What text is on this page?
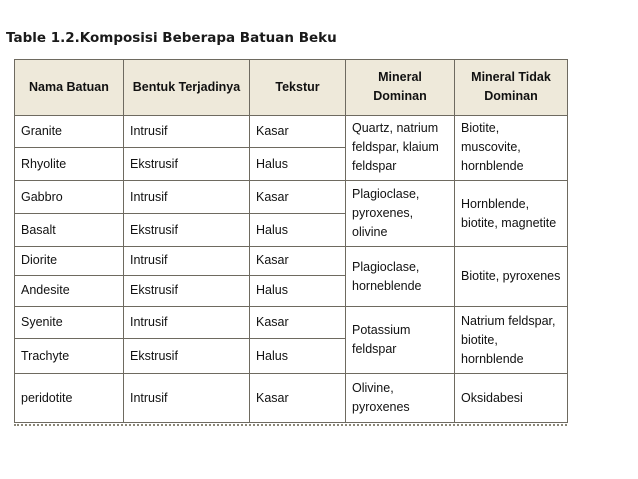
Table 1.2.Komposisi Beberapa Batuan Beku
Nama Batuan	Bentuk Terjadinya	Tekstur	Mineral Dominan	Mineral Tidak Dominan
Granite	Intrusif	Kasar	Quartz, natrium feldspar, klaium feldspar	Biotite, muscovite, hornblende
Rhyolite	Ekstrusif	Halus		
Gabbro	Intrusif	Kasar	Plagioclase, pyroxenes, olivine	Hornblende, biotite, magnetite
Basalt	Ekstrusif	Halus		
Diorite	Intrusif	Kasar	Plagioclase, horneblende	Biotite, pyroxenes
Andesite	Ekstrusif	Halus		
Syenite	Intrusif	Kasar	Potassium feldspar	Natrium feldspar, biotite, hornblende
Trachyte	Ekstrusif	Halus		
peridotite	Intrusif	Kasar	Olivine, pyroxenes	Oksidabesi
